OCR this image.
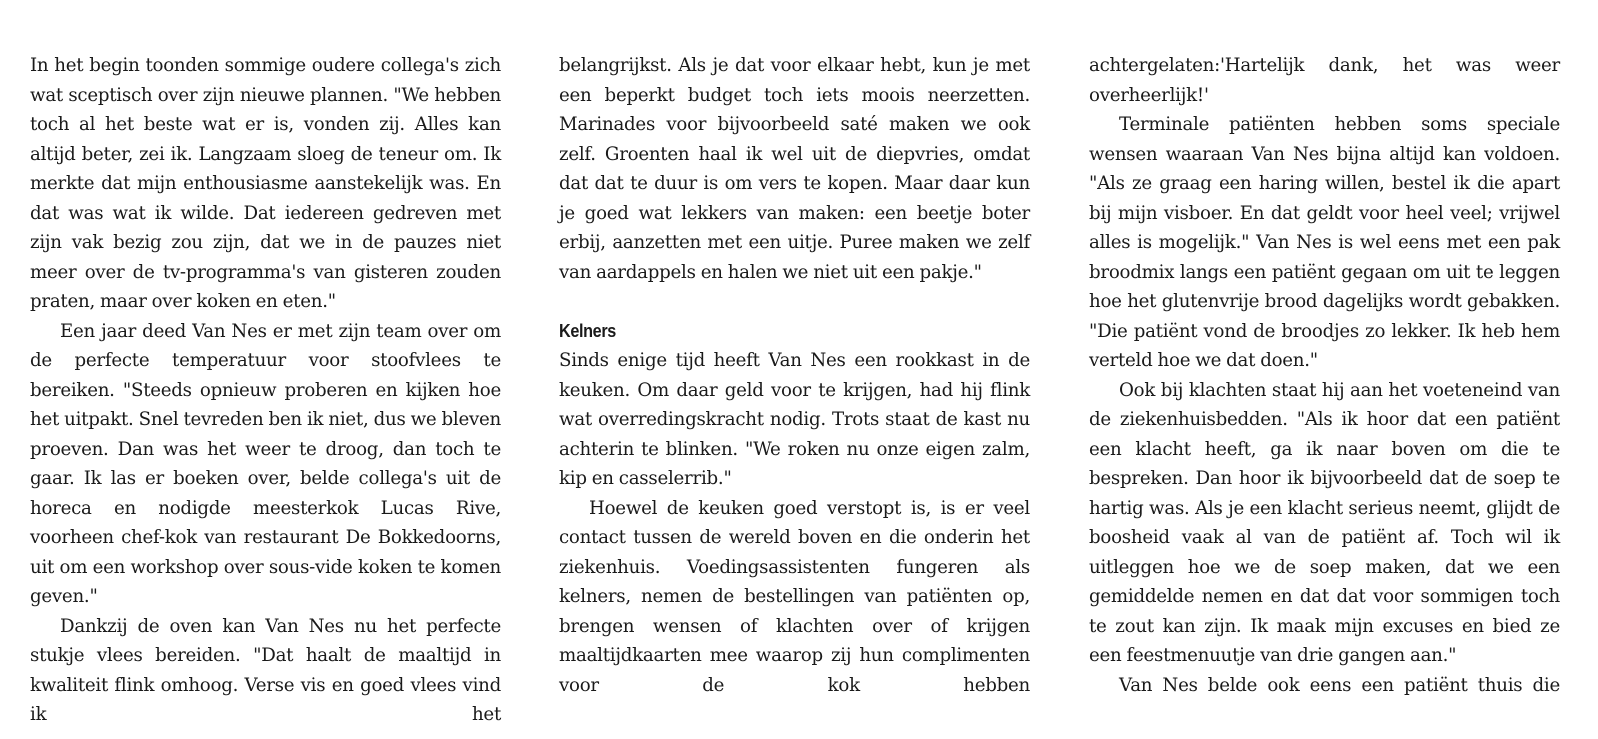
In het begin toonden sommige oudere collega's zich wat sceptisch over zijn nieuwe plannen. "We hebben toch al het beste wat er is, vonden zij. Alles kan altijd beter, zei ik. Langzaam sloeg de teneur om. Ik merkte dat mijn enthousiasme aanstekelijk was. En dat was wat ik wilde. Dat iedereen gedreven met zijn vak bezig zou zijn, dat we in de pauzes niet meer over de tv-programma's van gisteren zouden praten, maar over koken en eten."

Een jaar deed Van Nes er met zijn team over om de perfecte temperatuur voor stoofvlees te bereiken. "Steeds opnieuw proberen en kijken hoe het uitpakt. Snel tevreden ben ik niet, dus we bleven proeven. Dan was het weer te droog, dan toch te gaar. Ik las er boeken over, belde collega's uit de horeca en nodigde meesterkok Lucas Rive, voorheen chef-kok van restaurant De Bokkedoorns, uit om een workshop over sous-vide koken te komen geven."

Dankzij de oven kan Van Nes nu het perfecte stukje vlees bereiden. "Dat haalt de maaltijd in kwaliteit flink omhoog. Verse vis en goed vlees vind ik het

belangrijkst. Als je dat voor elkaar hebt, kun je met een beperkt budget toch iets moois neerzetten. Marinades voor bijvoorbeeld saté maken we ook zelf. Groenten haal ik wel uit de diepvries, omdat dat dat te duur is om vers te kopen. Maar daar kun je goed wat lekkers van maken: een beetje boter erbij, aanzetten met een uitje. Puree maken we zelf van aardappels en halen we niet uit een pakje."

Kelners

Sinds enige tijd heeft Van Nes een rookkast in de keuken. Om daar geld voor te krijgen, had hij flink wat overredingskracht nodig. Trots staat de kast nu achterin te blinken. "We roken nu onze eigen zalm, kip en casselerrib."

Hoewel de keuken goed verstopt is, is er veel contact tussen de wereld boven en die onderin het ziekenhuis. Voedingsassistenten fungeren als kelners, nemen de bestellingen van patiënten op, brengen wensen of klachten over of krijgen maaltijdkaarten mee waarop zij hun complimenten voor de kok hebben

achtergelaten:'Hartelijk dank, het was weer overheerlijk!'

Terminale patiënten hebben soms speciale wensen waaraan Van Nes bijna altijd kan voldoen. "Als ze graag een haring willen, bestel ik die apart bij mijn visboer. En dat geldt voor heel veel; vrijwel alles is mogelijk." Van Nes is wel eens met een pak broodmix langs een patiënt gegaan om uit te leggen hoe het glutenvrije brood dagelijks wordt gebakken. "Die patiënt vond de broodjes zo lekker. Ik heb hem verteld hoe we dat doen."

Ook bij klachten staat hij aan het voeteneind van de ziekenhuisbedden. "Als ik hoor dat een patiënt een klacht heeft, ga ik naar boven om die te bespreken. Dan hoor ik bijvoorbeeld dat de soep te hartig was. Als je een klacht serieus neemt, glijdt de boosheid vaak al van de patiënt af. Toch wil ik uitleggen hoe we de soep maken, dat we een gemiddelde nemen en dat dat voor sommigen toch te zout kan zijn. Ik maak mijn excuses en bied ze een feestmenuutje van drie gangen aan."

Van Nes belde ook eens een patiënt thuis die
